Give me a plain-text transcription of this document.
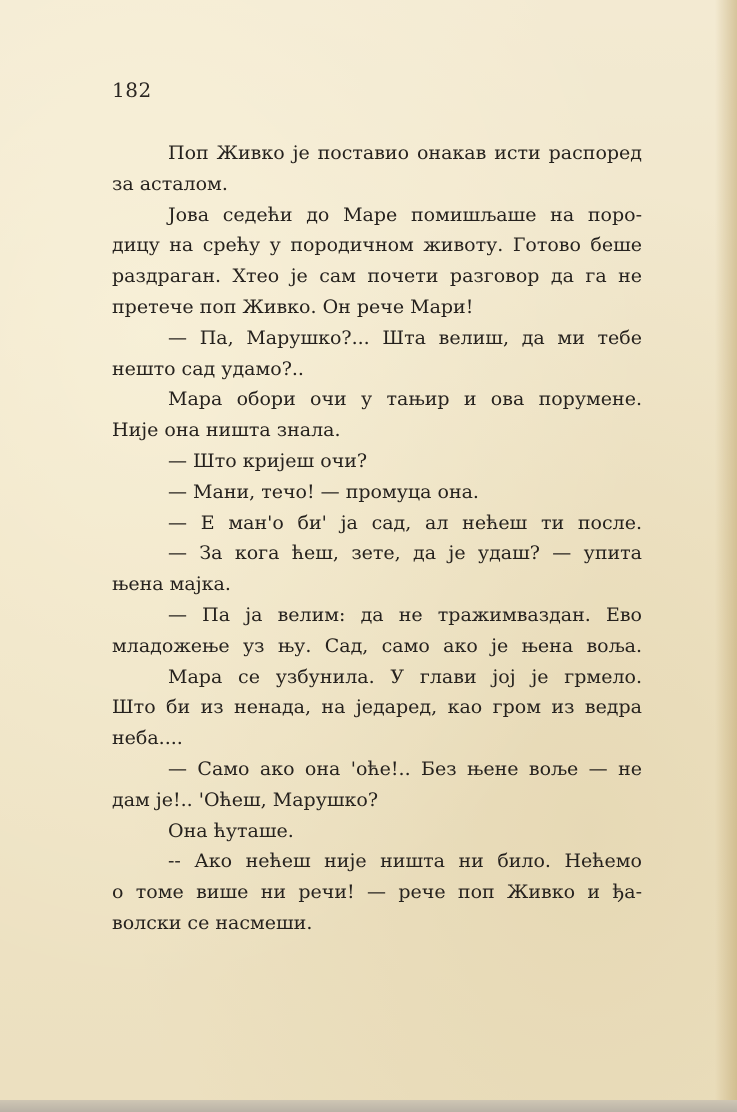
182
Поп Живко је поставио онакав исти распоред
за асталом.
Јова седећи до Маре помишљаше на поро-
дицу на срећу у породичном животу. Готово беше
раздраган. Хтео је сам почети разговор да га не
претече поп Живко. Он рече Мари!
— Па, Марушко?... Шта велиш, да ми тебе
нешто сад удамо?..
Мара обори очи у тањир и ова порумене.
Није она ништа знала.
— Што кријеш очи?
— Мани, течо! — промуца она.
— Е ман'о би' ја сад, ал нећеш ти после.
— За кога ћеш, зете, да је удаш? — упита
њена мајка.
— Па ја велим: да не тражимваздан. Ево
младожење уз њу. Сад, само ако је њена воља.
Мара се узбунила. У глави јој је грмело.
Што би из ненада, на једаред, као гром из ведра
неба....
— Само ако она 'оће!.. Без њене воље — не
дам је!.. 'Оћеш, Марушко?
Она ћуташе.
-- Ако нећеш није ништа ни било. Нећемо
о томе више ни речи! — рече поп Живко и ђа-
волски се насмеши.
